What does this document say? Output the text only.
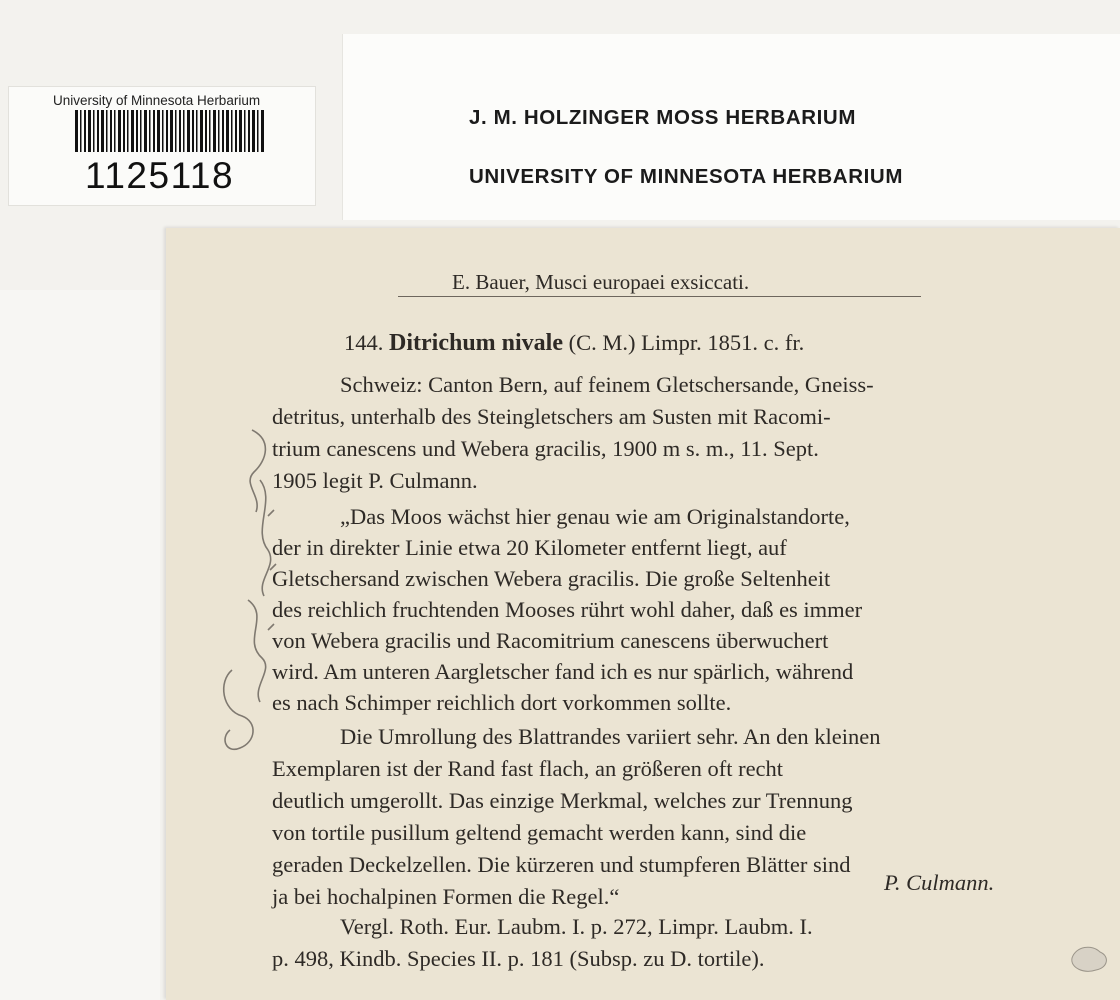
University of Minnesota Herbarium
1125118
J. M. HOLZINGER MOSS HERBARIUM
UNIVERSITY OF MINNESOTA HERBARIUM
E. Bauer, Musci europaei exsiccati.
144. Ditrichum nivale (C. M.) Limpr. 1851. c. fr.
Schweiz: Canton Bern, auf feinem Gletschersande, Gneiss-
detritus, unterhalb des Steingletschers am Susten mit Racomi-
trium canescens und Webera gracilis, 1900 m s. m., 11. Sept.
1905 legit P. Culmann.
„Das Moos wächst hier genau wie am Originalstandorte,
der in direkter Linie etwa 20 Kilometer entfernt liegt, auf
Gletschersand zwischen Webera gracilis. Die große Seltenheit
des reichlich fruchtenden Mooses rührt wohl daher, daß es immer
von Webera gracilis und Racomitrium canescens überwuchert
wird. Am unteren Aargletscher fand ich es nur spärlich, während
es nach Schimper reichlich dort vorkommen sollte.
Die Umrollung des Blattrandes variiert sehr. An den kleinen
Exemplaren ist der Rand fast flach, an größeren oft recht
deutlich umgerollt. Das einzige Merkmal, welches zur Trennung
von tortile pusillum geltend gemacht werden kann, sind die
geraden Deckelzellen. Die kürzeren und stumpferen Blätter sind
ja bei hochalpinen Formen die Regel.“
P. Culmann.
Vergl. Roth. Eur. Laubm. I. p. 272, Limpr. Laubm. I.
p. 498, Kindb. Species II. p. 181 (Subsp. zu D. tortile).
